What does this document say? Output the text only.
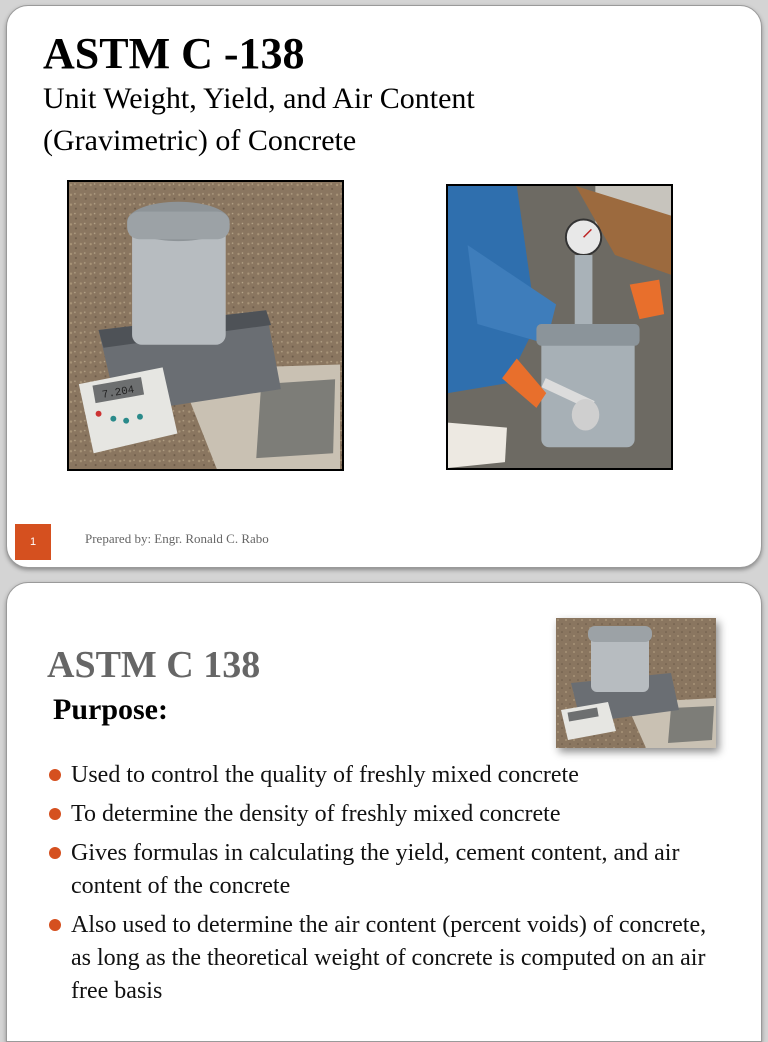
ASTM C -138
Unit Weight, Yield, and Air Content
(Gravimetric) of Concrete
7.204
1	Prepared by: Engr. Ronald C. Rabo
ASTM C 138
Purpose:
Used to control the quality of freshly mixed concrete
To determine the density of freshly mixed concrete
Gives formulas in calculating the yield, cement content, and air content of the concrete
Also used to determine the air content (percent voids) of concrete, as long as the theoretical weight of concrete is computed on an air free basis
